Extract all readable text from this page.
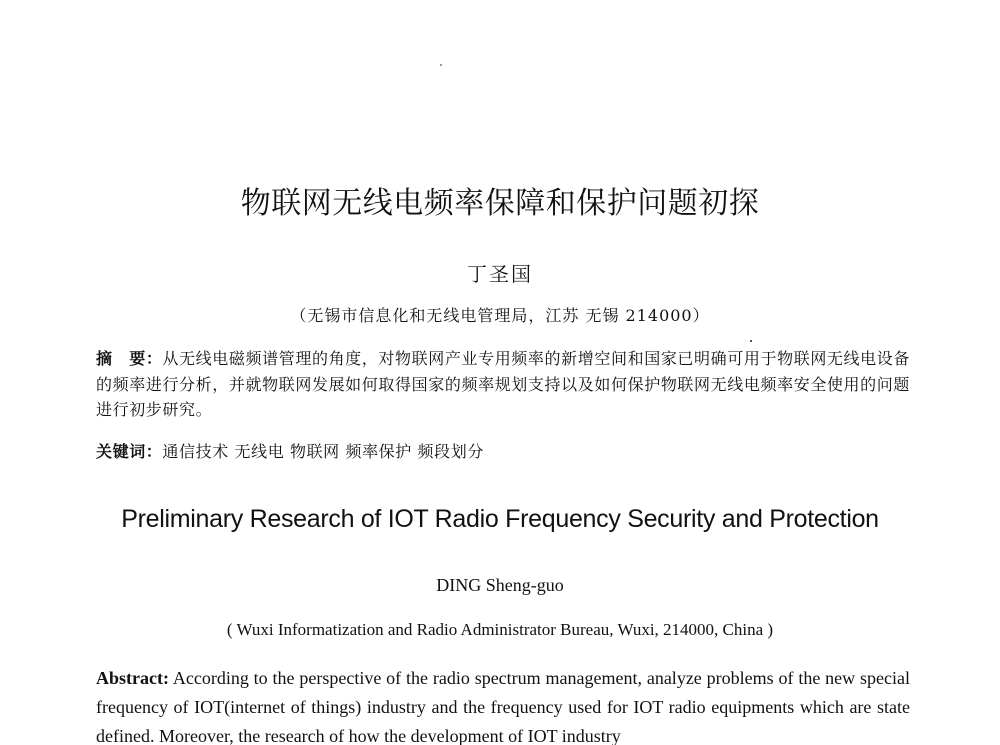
物联网无线电频率保障和保护问题初探
丁圣国
（无锡市信息化和无线电管理局，江苏 无锡 214000）
摘　要：从无线电磁频谱管理的角度，对物联网产业专用频率的新增空间和国家已明确可用于物联网无线电设备的频率进行分析，并就物联网发展如何取得国家的频率规划支持以及如何保护物联网无线电频率安全使用的问题进行初步研究。
关键词：通信技术 无线电 物联网 频率保护 频段划分
Preliminary Research of IOT Radio Frequency Security and Protection
DING Sheng-guo
( Wuxi Informatization and Radio Administrator Bureau, Wuxi, 214000, China )
Abstract: According to the perspective of the radio spectrum management, analyze problems of the new special frequency of IOT(internet of things) industry and the frequency used for IOT radio equipments which are state defined. Moreover, the research of how the development of IOT industry
